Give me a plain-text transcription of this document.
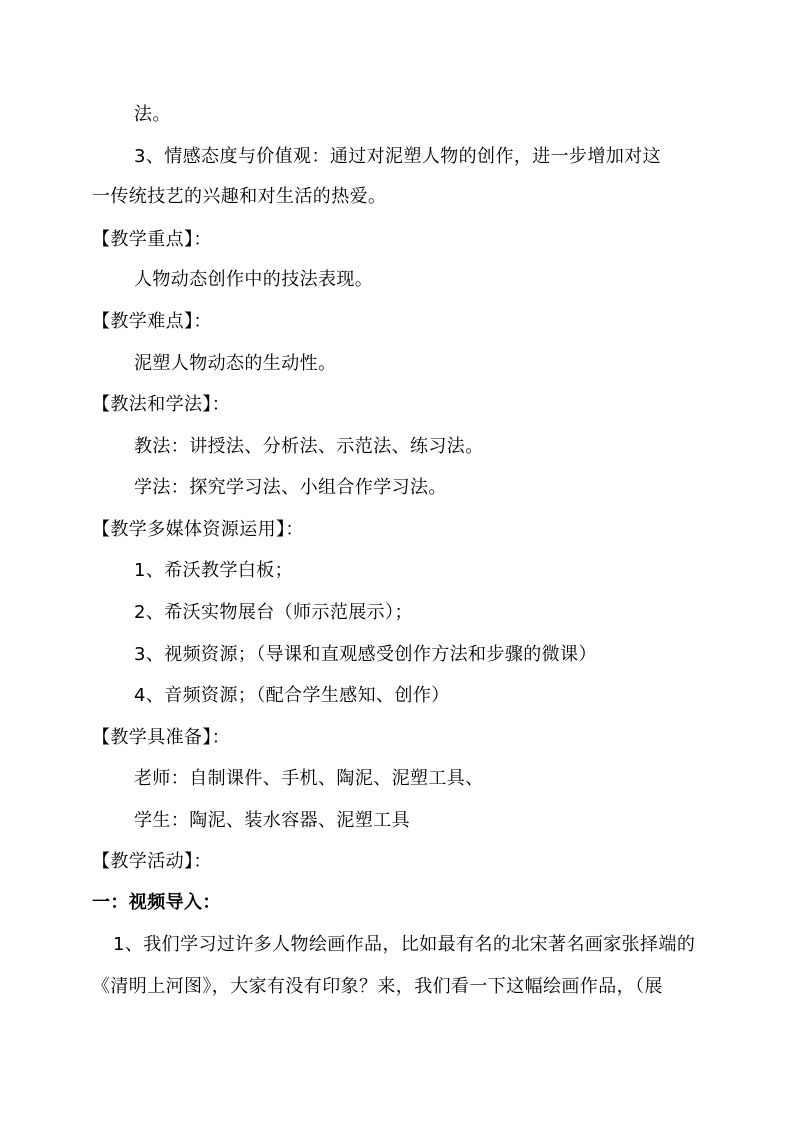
法。
3、情感态度与价值观：通过对泥塑人物的创作，进一步增加对这
一传统技艺的兴趣和对生活的热爱。
【教学重点】：
人物动态创作中的技法表现。
【教学难点】：
泥塑人物动态的生动性。
【教法和学法】：
教法：讲授法、分析法、示范法、练习法。
学法：探究学习法、小组合作学习法。
【教学多媒体资源运用】：
1、希沃教学白板；
2、希沃实物展台（师示范展示）；
3、视频资源；（导课和直观感受创作方法和步骤的微课）
4、音频资源；（配合学生感知、创作）
【教学具准备】：
老师：自制课件、手机、陶泥、泥塑工具、
学生：陶泥、装水容器、泥塑工具
【教学活动】：
一：视频导入：
1、我们学习过许多人物绘画作品，比如最有名的北宋著名画家张择端的
《清明上河图》，大家有没有印象？来，我们看一下这幅绘画作品，（展
